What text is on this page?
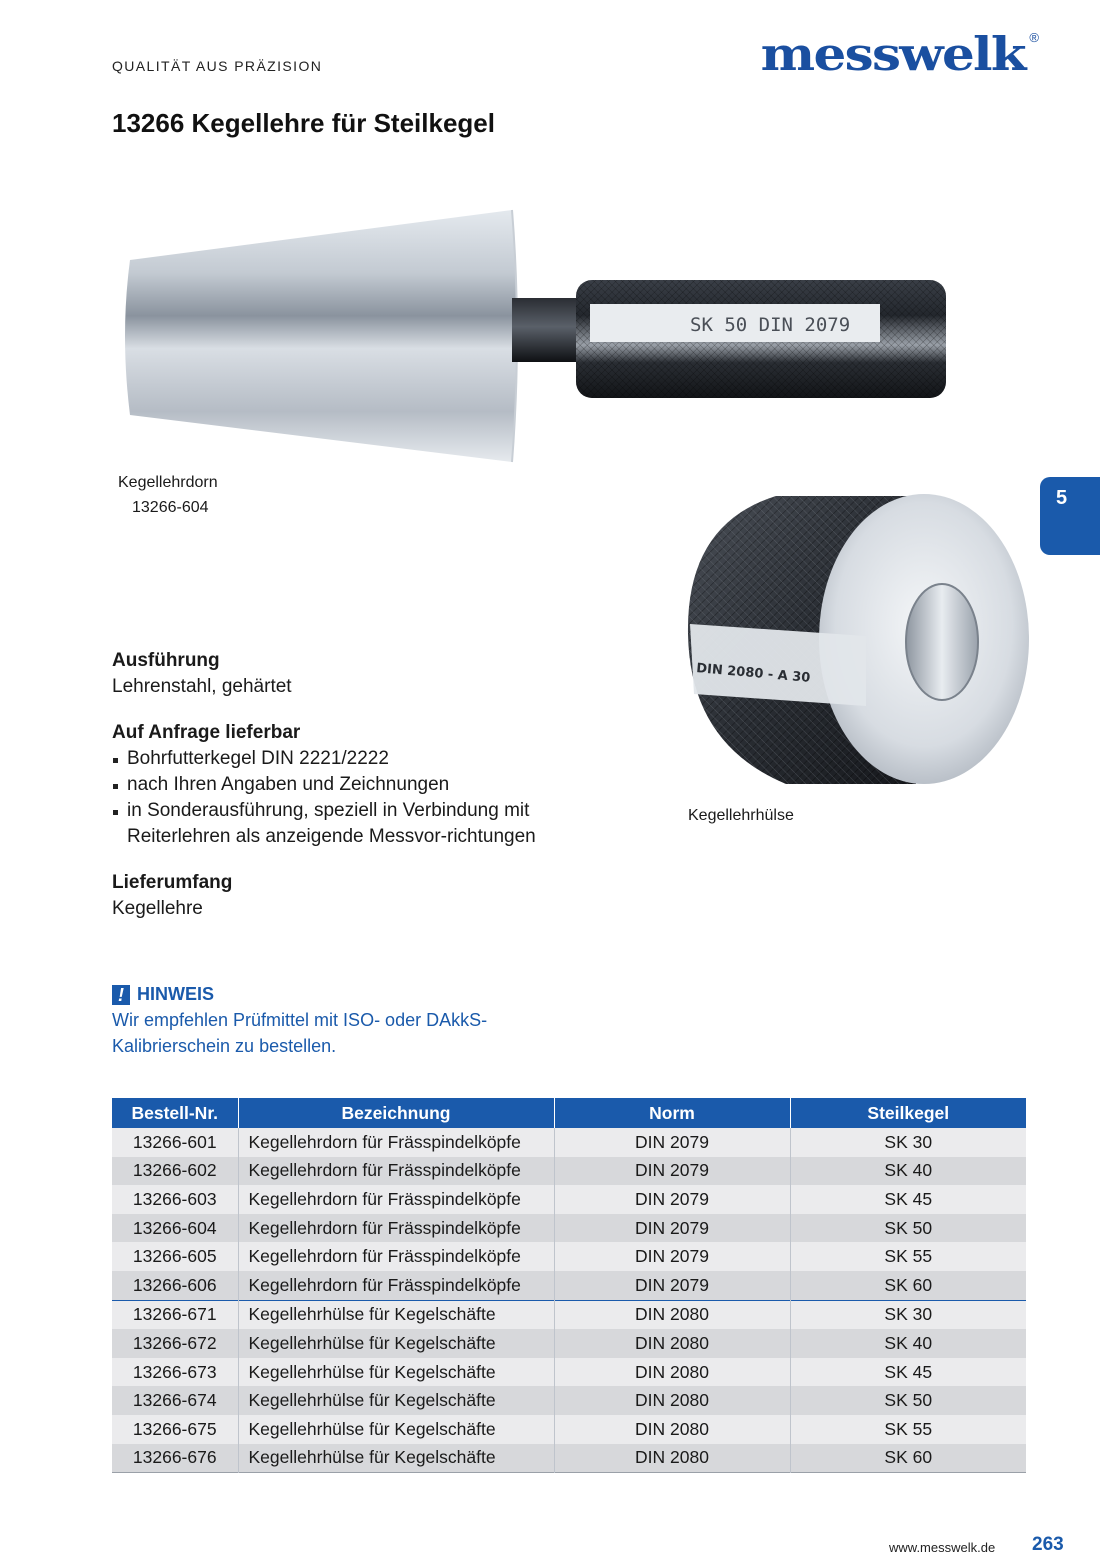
QUALITÄT AUS PRÄZISION	messwelk ®
13266 Kegellehre für Steilkegel
SK 50 DIN 2079
Kegellehrdorn
13266-604	5
DIN 2080 - A 30
Kegellehrhülse
Ausführung
Lehrenstahl, gehärtet
Auf Anfrage lieferbar
Bohrfutterkegel DIN 2221/2222
nach Ihren Angaben und Zeichnungen
in Sonderausführung, speziell in Verbindung mit Reiterlehren als anzeigende Messvor-richtungen
Lieferumfang
Kegellehre
! HINWEIS
Wir empfehlen Prüfmittel mit ISO- oder DAkkS-Kalibrierschein zu bestellen.
Bestell-Nr.	Bezeichnung	Norm	Steilkegel
13266-601	Kegellehrdorn für Frässpindelköpfe	DIN 2079	SK 30
13266-602	Kegellehrdorn für Frässpindelköpfe	DIN 2079	SK 40
13266-603	Kegellehrdorn für Frässpindelköpfe	DIN 2079	SK 45
13266-604	Kegellehrdorn für Frässpindelköpfe	DIN 2079	SK 50
13266-605	Kegellehrdorn für Frässpindelköpfe	DIN 2079	SK 55
13266-606	Kegellehrdorn für Frässpindelköpfe	DIN 2079	SK 60
13266-671	Kegellehrhülse für Kegelschäfte	DIN 2080	SK 30
13266-672	Kegellehrhülse für Kegelschäfte	DIN 2080	SK 40
13266-673	Kegellehrhülse für Kegelschäfte	DIN 2080	SK 45
13266-674	Kegellehrhülse für Kegelschäfte	DIN 2080	SK 50
13266-675	Kegellehrhülse für Kegelschäfte	DIN 2080	SK 55
13266-676	Kegellehrhülse für Kegelschäfte	DIN 2080	SK 60
www.messwelk.de 263
